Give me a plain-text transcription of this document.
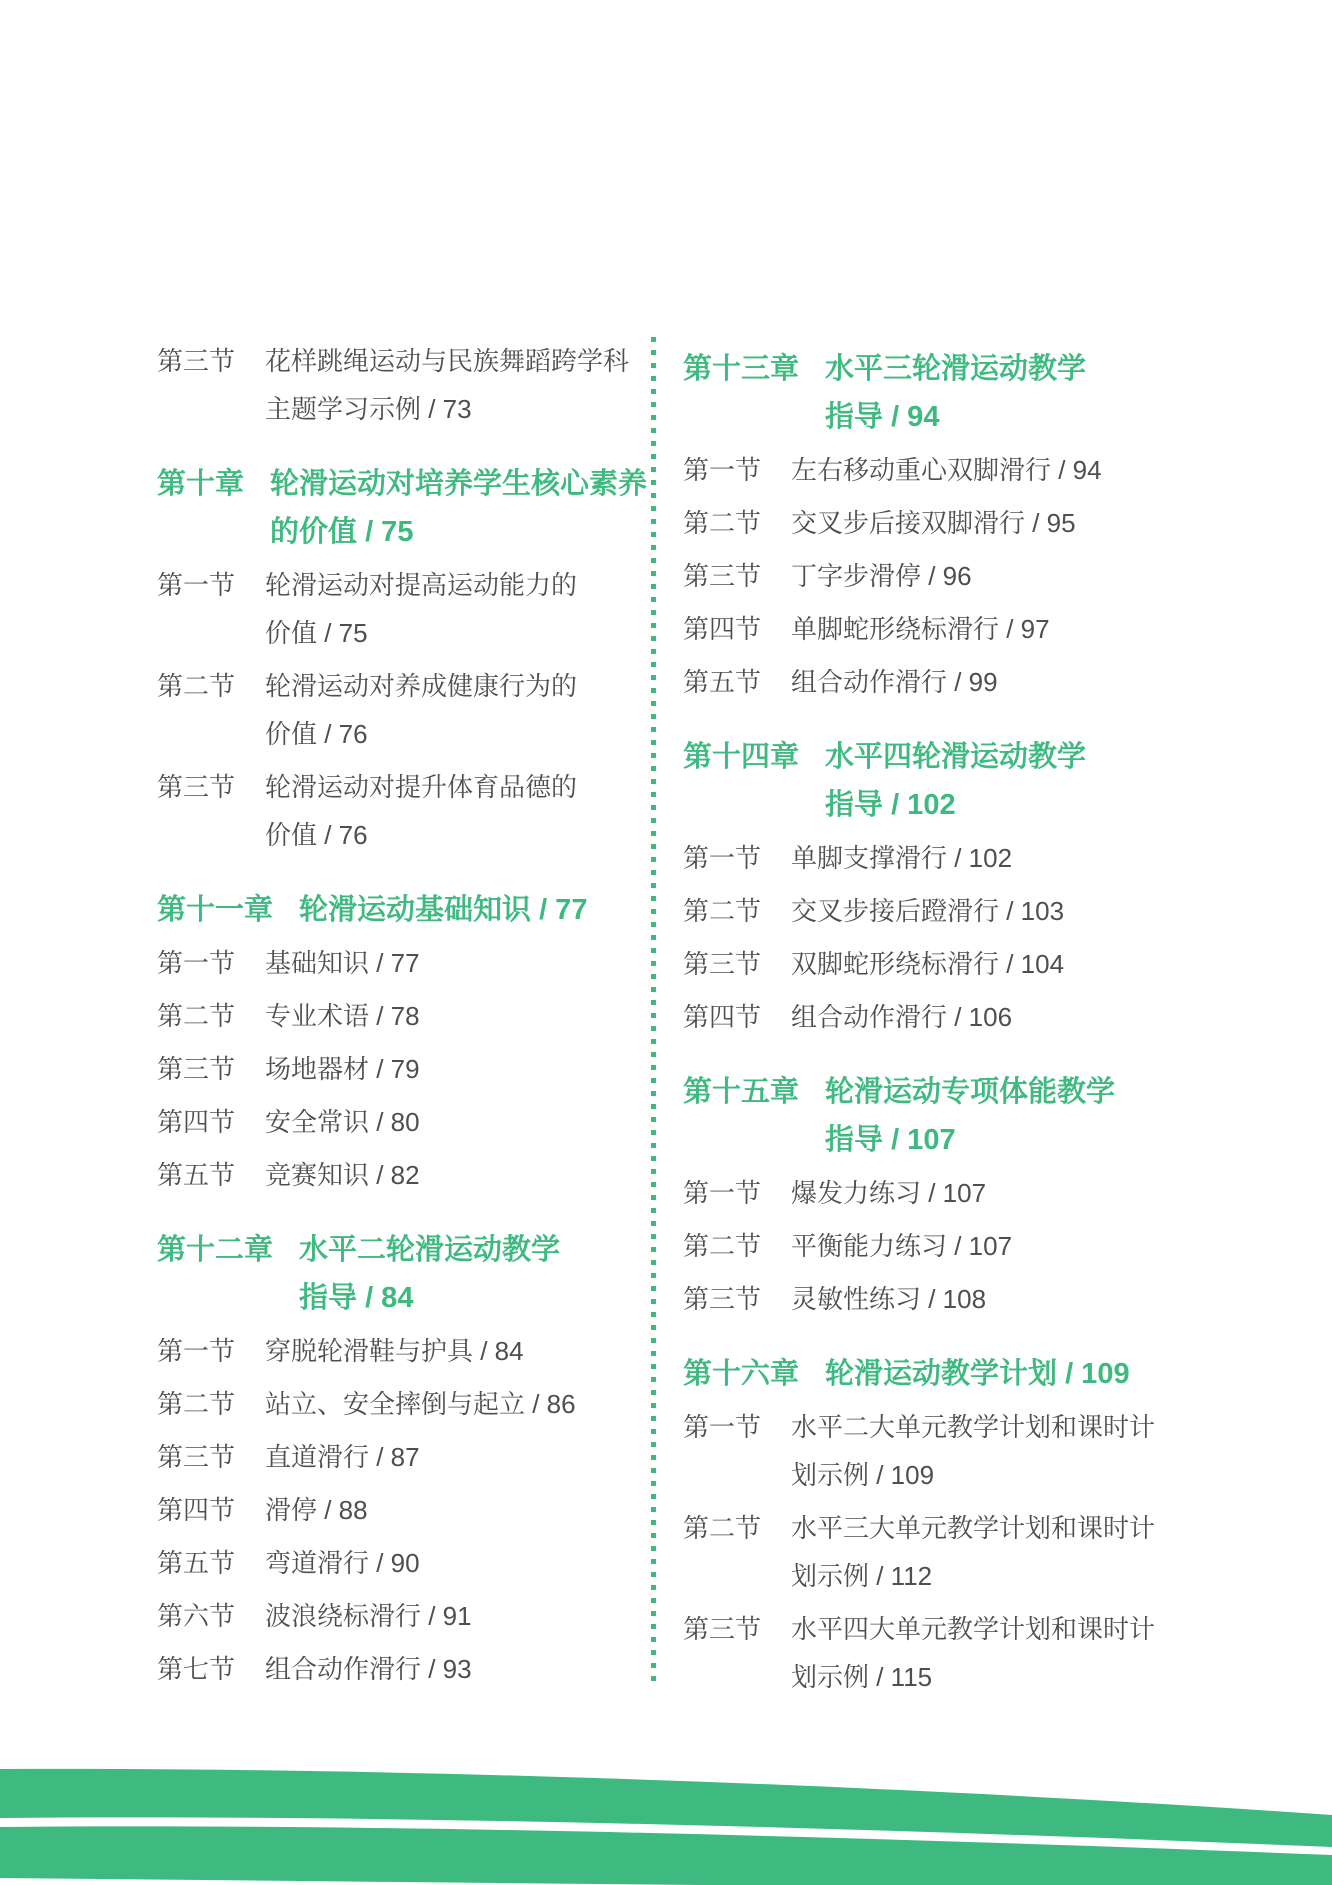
第三节 花样跳绳运动与民族舞蹈跨学科
主题学习示例 / 73
第十章 轮滑运动对培养学生核心素养
的价值 / 75
第一节 轮滑运动对提高运动能力的
价值 / 75
第二节 轮滑运动对养成健康行为的
价值 / 76
第三节 轮滑运动对提升体育品德的
价值 / 76
第十一章 轮滑运动基础知识 / 77
第一节 基础知识 / 77
第二节 专业术语 / 78
第三节 场地器材 / 79
第四节 安全常识 / 80
第五节 竞赛知识 / 82
第十二章 水平二轮滑运动教学
指导 / 84
第一节 穿脱轮滑鞋与护具 / 84
第二节 站立、安全摔倒与起立 / 86
第三节 直道滑行 / 87
第四节 滑停 / 88
第五节 弯道滑行 / 90
第六节 波浪绕标滑行 / 91
第七节 组合动作滑行 / 93
第十三章 水平三轮滑运动教学
指导 / 94
第一节 左右移动重心双脚滑行 / 94
第二节 交叉步后接双脚滑行 / 95
第三节 丁字步滑停 / 96
第四节 单脚蛇形绕标滑行 / 97
第五节 组合动作滑行 / 99
第十四章 水平四轮滑运动教学
指导 / 102
第一节 单脚支撑滑行 / 102
第二节 交叉步接后蹬滑行 / 103
第三节 双脚蛇形绕标滑行 / 104
第四节 组合动作滑行 / 106
第十五章 轮滑运动专项体能教学
指导 / 107
第一节 爆发力练习 / 107
第二节 平衡能力练习 / 107
第三节 灵敏性练习 / 108
第十六章 轮滑运动教学计划 / 109
第一节 水平二大单元教学计划和课时计
划示例 / 109
第二节 水平三大单元教学计划和课时计
划示例 / 112
第三节 水平四大单元教学计划和课时计
划示例 / 115
